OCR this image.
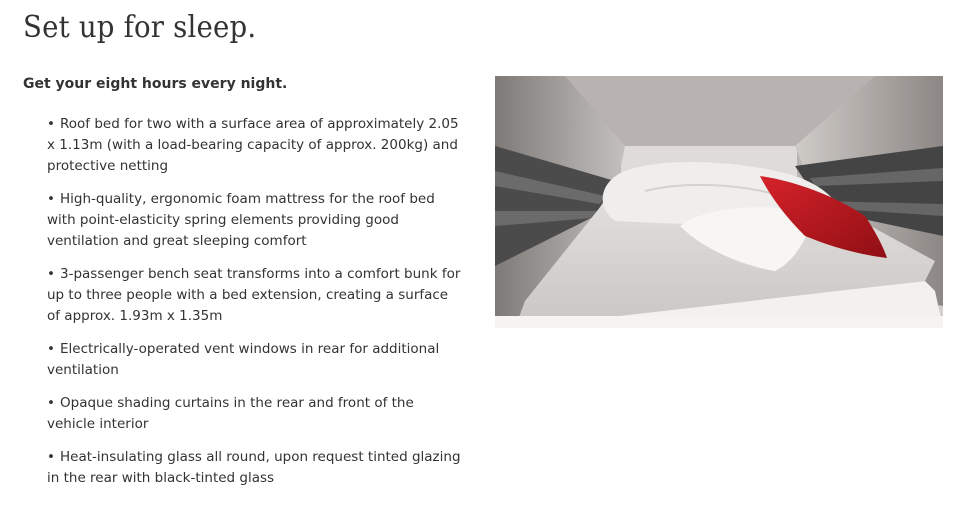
Set up for sleep.

Get your eight hours every night.

• Roof bed for two with a surface area of approximately 2.05 x 1.13m (with a load-bearing capacity of approx. 200kg) and protective netting
• High-quality, ergonomic foam mattress for the roof bed with point-elasticity spring elements providing good ventilation and great sleeping comfort
• 3-passenger bench seat transforms into a comfort bunk for up to three people with a bed extension, creating a surface of approx. 1.93m x 1.35m
• Electrically-operated vent windows in rear for additional ventilation
• Opaque shading curtains in the rear and front of the vehicle interior
• Heat-insulating glass all round, upon request tinted glazing in the rear with black-tinted glass
